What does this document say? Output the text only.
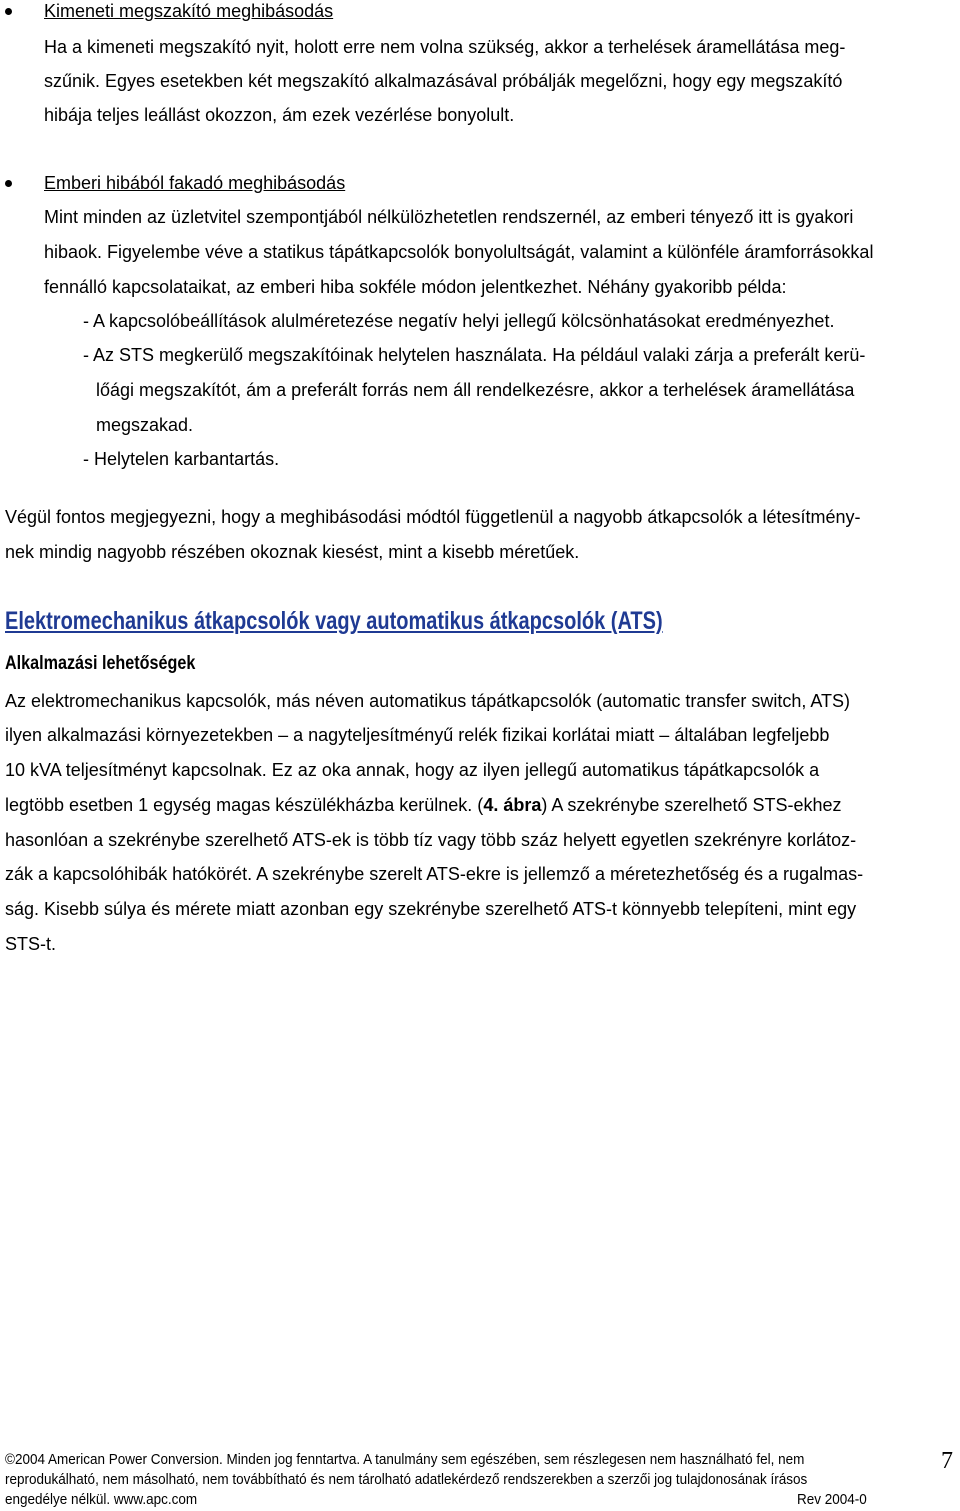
Kimeneti megszakító meghibásodás
Ha a kimeneti megszakító nyit, holott erre nem volna szükség, akkor a terhelések áramellátása meg-
szűnik. Egyes esetekben két megszakító alkalmazásával próbálják megelőzni, hogy egy megszakító
hibája teljes leállást okozzon, ám ezek vezérlése bonyolult.
Emberi hibából fakadó meghibásodás
Mint minden az üzletvitel szempontjából nélkülözhetetlen rendszernél, az emberi tényező itt is gyakori
hibaok. Figyelembe véve a statikus tápátkapcsolók bonyolultságát, valamint a különféle áramforrásokkal
fennálló kapcsolataikat, az emberi hiba sokféle módon jelentkezhet. Néhány gyakoribb példa:
- A kapcsolóbeállítások alulméretezése negatív helyi jellegű kölcsönhatásokat eredményezhet.
- Az STS megkerülő megszakítóinak helytelen használata. Ha például valaki zárja a preferált kerü-
lőági megszakítót, ám a preferált forrás nem áll rendelkezésre, akkor a terhelések áramellátása
megszakad.
- Helytelen karbantartás.
Végül fontos megjegyezni, hogy a meghibásodási módtól függetlenül a nagyobb átkapcsolók a létesítmény-
nek mindig nagyobb részében okoznak kiesést, mint a kisebb méretűek.
Elektromechanikus átkapcsolók vagy automatikus átkapcsolók (ATS)
Alkalmazási lehetőségek
Az elektromechanikus kapcsolók, más néven automatikus tápátkapcsolók (automatic transfer switch, ATS)
ilyen alkalmazási környezetekben – a nagyteljesítményű relék fizikai korlátai miatt – általában legfeljebb
10 kVA teljesítményt kapcsolnak. Ez az oka annak, hogy az ilyen jellegű automatikus tápátkapcsolók a
legtöbb esetben 1 egység magas készülékházba kerülnek. (4. ábra) A szekrénybe szerelhető STS-ekhez
hasonlóan a szekrénybe szerelhető ATS-ek is több tíz vagy több száz helyett egyetlen szekrényre korlátoz-
zák a kapcsolóhibák hatókörét. A szekrénybe szerelt ATS-ekre is jellemző a méretezhetőség és a rugalmas-
ság. Kisebb súlya és mérete miatt azonban egy szekrénybe szerelhető ATS-t könnyebb telepíteni, mint egy
STS-t.
©2004 American Power Conversion. Minden jog fenntartva. A tanulmány sem egészében, sem részlegesen nem használható fel, nem
reprodukálható, nem másolható, nem továbbítható és nem tárolható adatlekérdező rendszerekben a szerzői jog tulajdonosának írásos
engedélye nélkül. www.apc.com	Rev 2004-0
7
